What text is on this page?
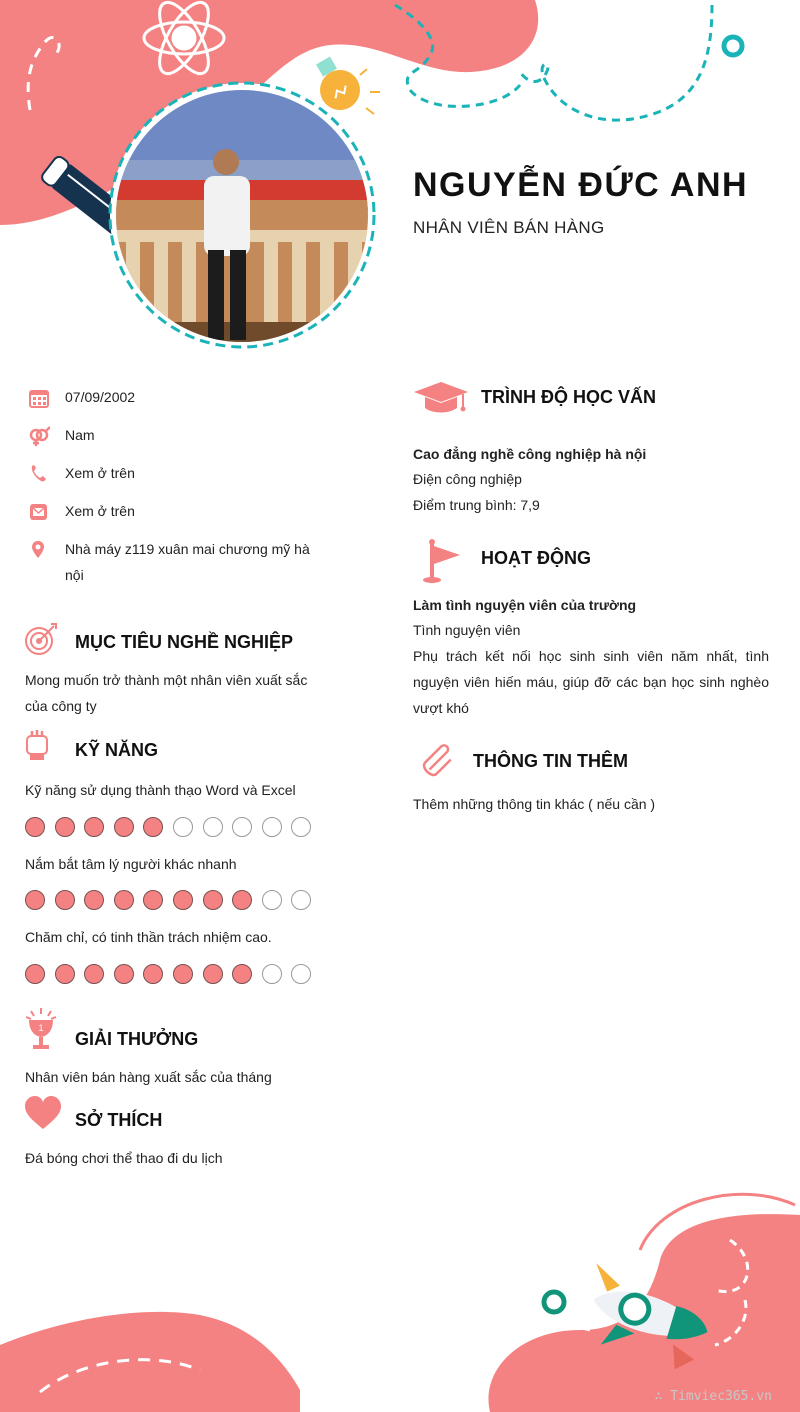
NGUYỄN ĐỨC ANH
NHÂN VIÊN BÁN HÀNG
07/09/2002
Nam
Xem ở trên
Xem ở trên
Nhà máy z119 xuân mai chương mỹ hà nội
MỤC TIÊU NGHỀ NGHIỆP
Mong muốn trở thành một nhân viên xuất sắc của công ty
KỸ NĂNG
Kỹ năng sử dụng thành thạo Word và Excel
Nắm bắt tâm lý người khác nhanh
Chăm chỉ, có tinh thần trách nhiệm cao.
1
GIẢI THƯỞNG
Nhân viên bán hàng xuất sắc của tháng
SỞ THÍCH
Đá bóng chơi thể thao đi du lịch
TRÌNH ĐỘ HỌC VẤN
Cao đẳng nghề công nghiệp hà nội
Điện công nghiệp
Điểm trung bình: 7,9
HOẠT ĐỘNG
Làm tình nguyện viên của trường
Tình nguyện viên
Phụ trách kết nối học sinh sinh viên năm nhất, tình nguyện viên hiến máu, giúp đỡ các bạn học sinh nghèo vượt khó
THÔNG TIN THÊM
Thêm những thông tin khác ( nếu cần )
∴ Timviec365.vn
